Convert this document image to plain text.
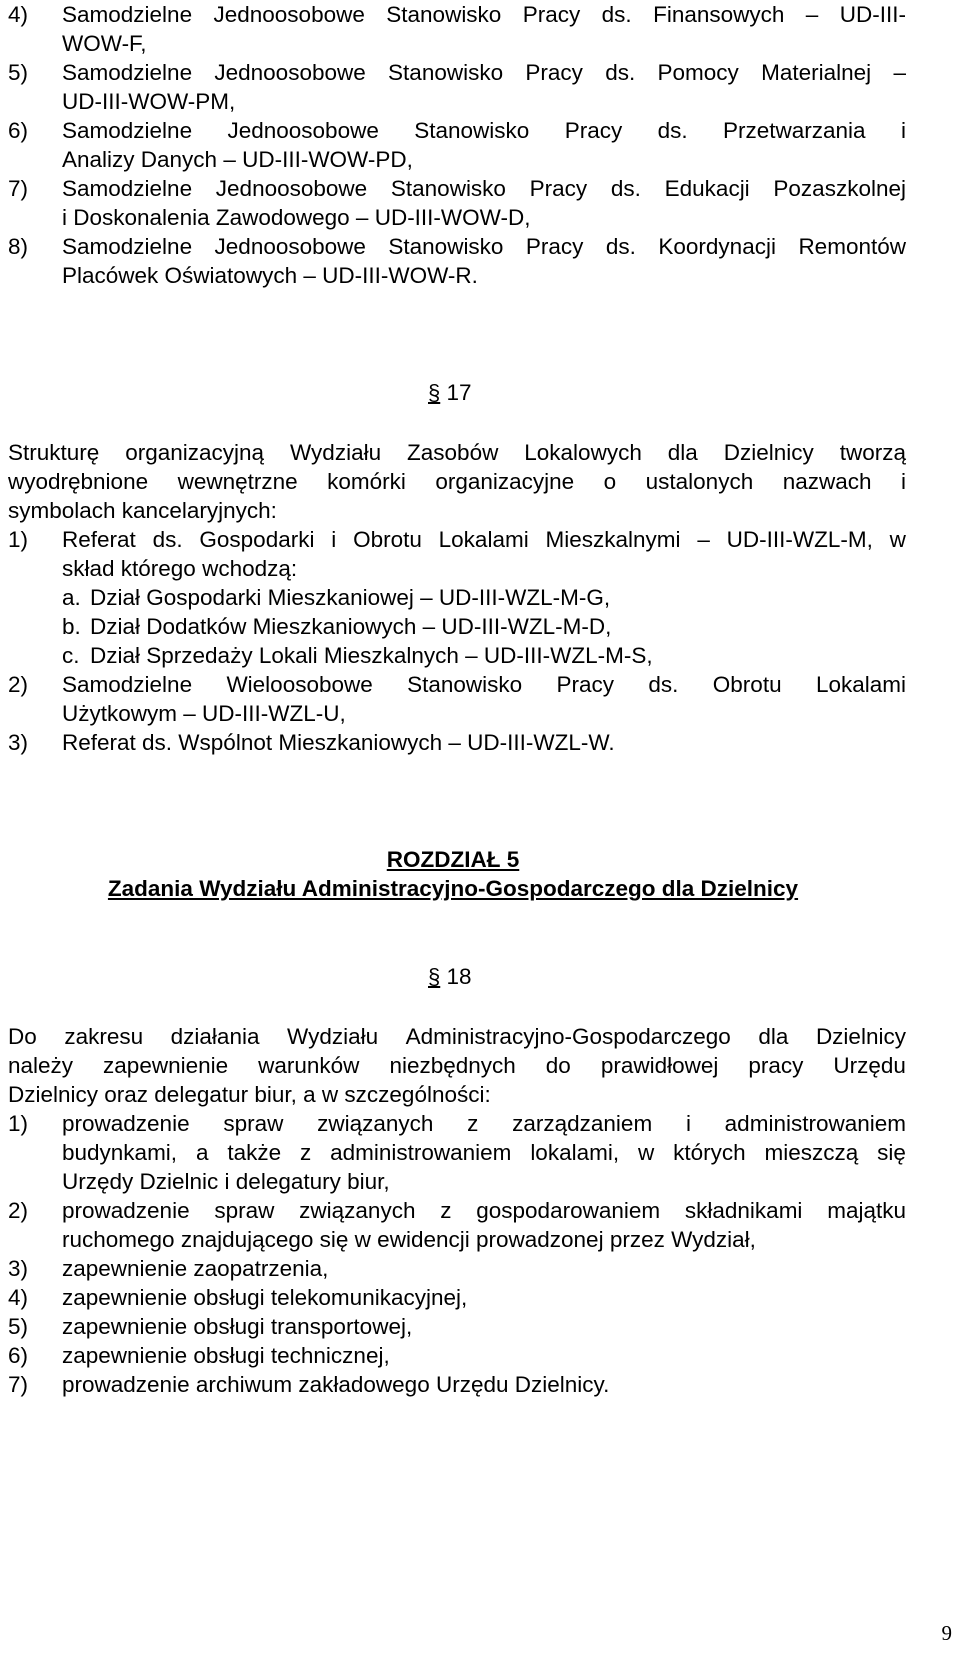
4) Samodzielne Jednoosobowe Stanowisko Pracy ds. Finansowych – UD-III-
WOW-F,
5) Samodzielne Jednoosobowe Stanowisko Pracy ds. Pomocy Materialnej –
UD-III-WOW-PM,
6) Samodzielne Jednoosobowe Stanowisko Pracy ds. Przetwarzania i
Analizy Danych – UD-III-WOW-PD,
7) Samodzielne Jednoosobowe Stanowisko Pracy ds. Edukacji Pozaszkolnej
i Doskonalenia Zawodowego – UD-III-WOW-D,
8) Samodzielne Jednoosobowe Stanowisko Pracy ds. Koordynacji Remontów
Placówek Oświatowych – UD-III-WOW-R.
§ 17
Strukturę organizacyjną Wydziału Zasobów Lokalowych dla Dzielnicy tworzą
wyodrębnione wewnętrzne komórki organizacyjne o ustalonych nazwach i
symbolach kancelaryjnych:
1) Referat ds. Gospodarki i Obrotu Lokalami Mieszkalnymi – UD-III-WZL-M, w
skład którego wchodzą:
a. Dział Gospodarki Mieszkaniowej – UD-III-WZL-M-G,
b. Dział Dodatków Mieszkaniowych – UD-III-WZL-M-D,
c. Dział Sprzedaży Lokali Mieszkalnych – UD-III-WZL-M-S,
2) Samodzielne Wieloosobowe Stanowisko Pracy ds. Obrotu Lokalami
Użytkowym – UD-III-WZL-U,
3) Referat ds. Wspólnot Mieszkaniowych – UD-III-WZL-W.
ROZDZIAŁ 5
Zadania Wydziału Administracyjno-Gospodarczego dla Dzielnicy
§ 18
Do zakresu działania Wydziału Administracyjno-Gospodarczego dla Dzielnicy
należy zapewnienie warunków niezbędnych do prawidłowej pracy Urzędu
Dzielnicy oraz delegatur biur, a w szczególności:
1) prowadzenie spraw związanych z zarządzaniem i administrowaniem
budynkami, a także z administrowaniem lokalami, w których mieszczą się
Urzędy Dzielnic i delegatury biur,
2) prowadzenie spraw związanych z gospodarowaniem składnikami majątku
ruchomego znajdującego się w ewidencji prowadzonej przez Wydział,
3) zapewnienie zaopatrzenia,
4) zapewnienie obsługi telekomunikacyjnej,
5) zapewnienie obsługi transportowej,
6) zapewnienie obsługi technicznej,
7) prowadzenie archiwum zakładowego Urzędu Dzielnicy.
9
